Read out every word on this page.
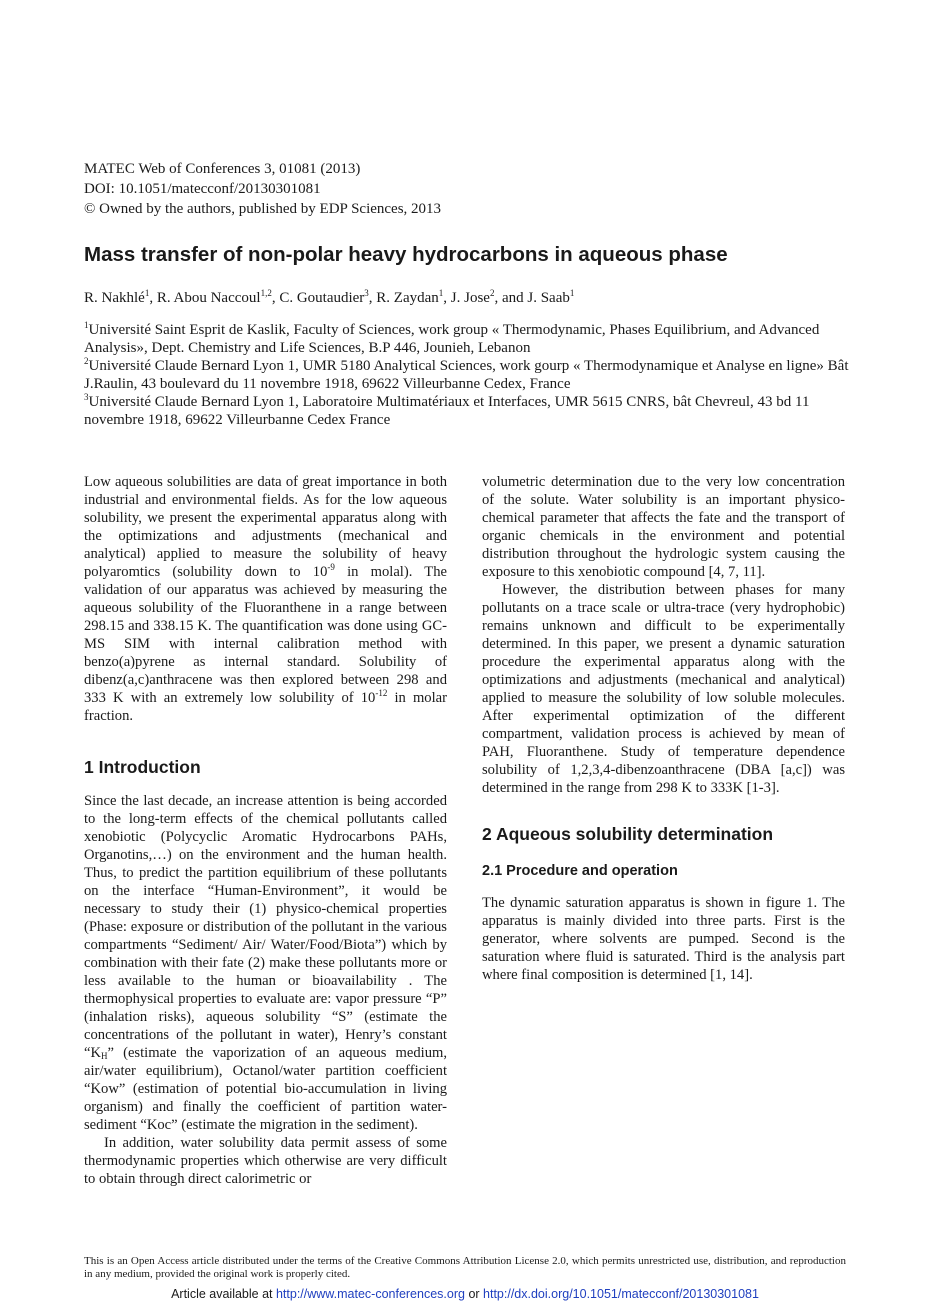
MATEC Web of Conferences 3, 01081 (2013)
DOI: 10.1051/matecconf/20130301081
© Owned by the authors, published by EDP Sciences, 2013
Mass transfer of non-polar heavy hydrocarbons in aqueous phase
R. Nakhlé$^1$, R. Abou Naccoul$^{1,2}$, C. Goutaudier$^3$, R. Zaydan$^1$, J. Jose$^2$, and J. Saab$^1$

$^1$Université Saint Esprit de Kaslik, Faculty of Sciences, work group « Thermodynamic, Phases Equilibrium, and Advanced Analysis», Dept. Chemistry and Life Sciences, B.P 446, Jounieh, Lebanon

$^2$Université Claude Bernard Lyon 1, UMR 5180 Analytical Sciences, work gourp « Thermodynamique et Analyse en ligne» Bât J.Raulin, 43 boulevard du 11 novembre 1918, 69622 Villeurbanne Cedex, France

$^3$Université Claude Bernard Lyon 1, Laboratoire Multimatériaux et Interfaces, UMR 5615 CNRS, bât Chevreul, 43 bd 11 novembre 1918, 69622 Villeurbanne Cedex France

Low aqueous solubilities are data of great importance in both industrial and environmental fields. As for the low aqueous solubility, we present the experimental apparatus along with the optimizations and adjustments (mechanical and analytical) applied to measure the solubility of heavy polyaromtics (solubility down to $10^{-9}$ in molal). The validation of our apparatus was achieved by measuring the aqueous solubility of the Fluoranthene in a range between 298.15 and 338.15 K. The quantification was done using GC-MS SIM with internal calibration method with benzo(a)pyrene as internal standard. Solubility of dibenz(a,c)anthracene was then explored between 298 and 333 K with an extremely low solubility of $10^{-12}$ in molar fraction.

1 Introduction

Since the last decade, an increase attention is being accorded to the long-term effects of the chemical pollutants called xenobiotic (Polycyclic Aromatic Hydrocarbons PAHs, Organotins,…) on the environment and the human health. Thus, to predict the partition equilibrium of these pollutants on the interface “Human-Environment”, it would be necessary to study their (1) physico-chemical properties (Phase: exposure or distribution of the pollutant in the various compartments “Sediment/ Air/ Water/Food/Biota”) which by combination with their fate (2) make these pollutants more or less available to the human or bioavailability . The thermophysical properties to evaluate are: vapor pressure “P” (inhalation risks), aqueous solubility “S” (estimate the concentrations of the pollutant in water), Henry’s constant “$K_H$” (estimate the vaporization of an aqueous medium, air/water equilibrium), Octanol/water partition coefficient “Kow” (estimation of potential bio-accumulation in living organism) and finally the coefficient of partition water-sediment “Koc” (estimate the migration in the sediment).

In addition, water solubility data permit assess of some thermodynamic properties which otherwise are very difficult to obtain through direct calorimetric or

volumetric determination due to the very low concentration of the solute. Water solubility is an important physico-chemical parameter that affects the fate and the transport of organic chemicals in the environment and potential distribution throughout the hydrologic system causing the exposure to this xenobiotic compound [4, 7, 11].

However, the distribution between phases for many pollutants on a trace scale or ultra-trace (very hydrophobic) remains unknown and difficult to be experimentally determined. In this paper, we present a dynamic saturation procedure the experimental apparatus along with the optimizations and adjustments (mechanical and analytical) applied to measure the solubility of low soluble molecules. After experimental optimization of the different compartment, validation process is achieved by mean of PAH, Fluoranthene. Study of temperature dependence solubility of 1,2,3,4-dibenzoanthracene (DBA [a,c]) was determined in the range from 298 K to 333K [1-3].

2 Aqueous solubility determination
2.1 Procedure and operation

The dynamic saturation apparatus is shown in figure 1. The apparatus is mainly divided into three parts. First is the generator, where solvents are pumped. Second is the saturation where fluid is saturated. Third is the analysis part where final composition is determined [1, 14].

This is an Open Access article distributed under the terms of the Creative Commons Attribution License 2.0, which permits unrestricted use, distribution, and reproduction in any medium, provided the original work is properly cited.
Article available at http://www.matec-conferences.org or http://dx.doi.org/10.1051/matecconf/20130301081
